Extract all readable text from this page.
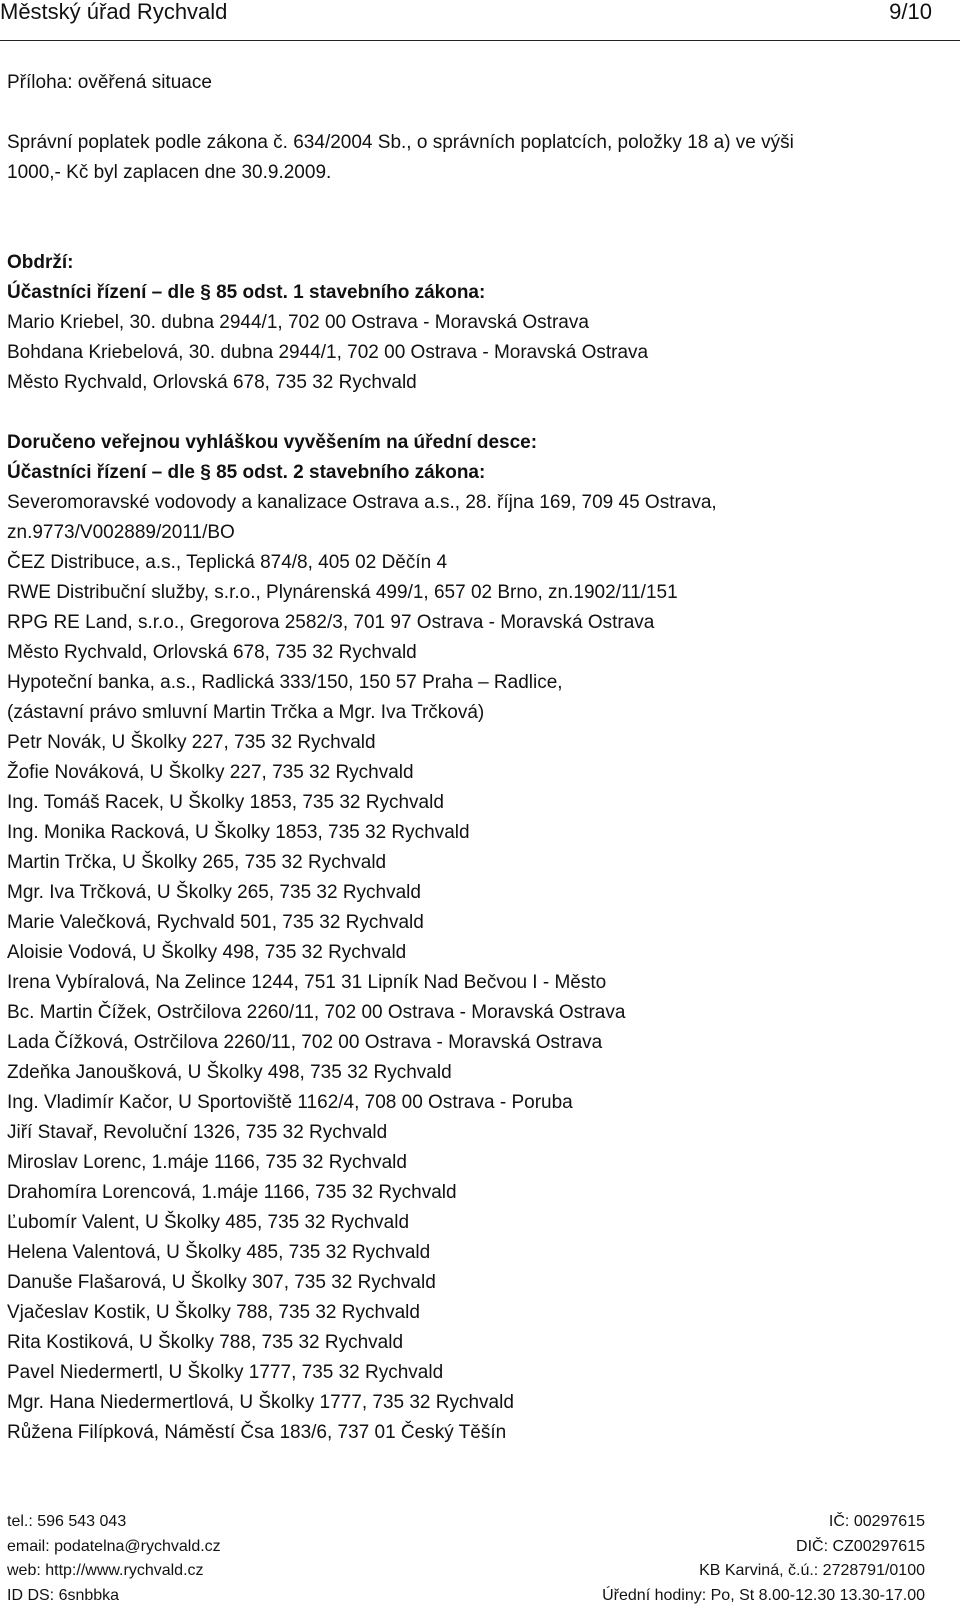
Městský úřad Rychvald	9/10
Příloha: ověřená situace
Správní poplatek podle zákona č. 634/2004 Sb., o správních poplatcích, položky 18 a) ve výši
1000,- Kč byl zaplacen dne 30.9.2009.
Obdrží:
Účastníci řízení – dle § 85 odst. 1 stavebního zákona:
Mario Kriebel, 30. dubna 2944/1, 702 00 Ostrava - Moravská Ostrava
Bohdana Kriebelová, 30. dubna 2944/1, 702 00 Ostrava - Moravská Ostrava
Město Rychvald, Orlovská 678, 735 32 Rychvald
Doručeno veřejnou vyhláškou vyvěšením na úřední desce:
Účastníci řízení – dle § 85 odst. 2 stavebního zákona:
Severomoravské vodovody a kanalizace Ostrava a.s., 28. října 169, 709 45 Ostrava,
zn.9773/V002889/2011/BO
ČEZ Distribuce, a.s., Teplická 874/8, 405 02 Děčín 4
RWE Distribuční služby, s.r.o., Plynárenská 499/1, 657 02 Brno, zn.1902/11/151
RPG RE Land, s.r.o., Gregorova 2582/3, 701 97 Ostrava - Moravská Ostrava
Město Rychvald, Orlovská 678, 735 32 Rychvald
Hypoteční banka, a.s., Radlická 333/150, 150 57 Praha – Radlice,
(zástavní právo smluvní Martin Trčka a Mgr. Iva Trčková)
Petr Novák, U Školky 227, 735 32 Rychvald
Žofie Nováková, U Školky 227, 735 32 Rychvald
Ing. Tomáš Racek, U Školky 1853, 735 32 Rychvald
Ing. Monika Racková, U Školky 1853, 735 32 Rychvald
Martin Trčka, U Školky 265, 735 32 Rychvald
Mgr. Iva Trčková, U Školky 265, 735 32 Rychvald
Marie Valečková, Rychvald 501, 735 32 Rychvald
Aloisie Vodová, U Školky 498, 735 32 Rychvald
Irena Vybíralová, Na Zelince 1244, 751 31 Lipník Nad Bečvou I - Město
Bc. Martin Čížek, Ostrčilova 2260/11, 702 00 Ostrava - Moravská Ostrava
Lada Čížková, Ostrčilova 2260/11, 702 00 Ostrava - Moravská Ostrava
Zdeňka Janoušková, U Školky 498, 735 32 Rychvald
Ing. Vladimír Kačor, U Sportoviště 1162/4, 708 00 Ostrava - Poruba
Jiří Stavař, Revoluční 1326, 735 32 Rychvald
Miroslav Lorenc, 1.máje 1166, 735 32 Rychvald
Drahomíra Lorencová, 1.máje 1166, 735 32 Rychvald
Ľubomír Valent, U Školky 485, 735 32 Rychvald
Helena Valentová, U Školky 485, 735 32 Rychvald
Danuše Flašarová, U Školky 307, 735 32 Rychvald
Vjačeslav Kostik, U Školky 788, 735 32 Rychvald
Rita Kostiková, U Školky 788, 735 32 Rychvald
Pavel Niedermertl, U Školky 1777, 735 32 Rychvald
Mgr. Hana Niedermertlová, U Školky 1777, 735 32 Rychvald
Růžena Filípková, Náměstí Čsa 183/6, 737 01 Český Těšín
tel.: 596 543 043	IČ: 00297615
email: podatelna@rychvald.cz	DIČ: CZ00297615
web: http://www.rychvald.cz	KB Karviná, č.ú.: 2728791/0100
ID DS: 6snbbka	Úřední hodiny: Po, St 8.00-12.30 13.30-17.00
